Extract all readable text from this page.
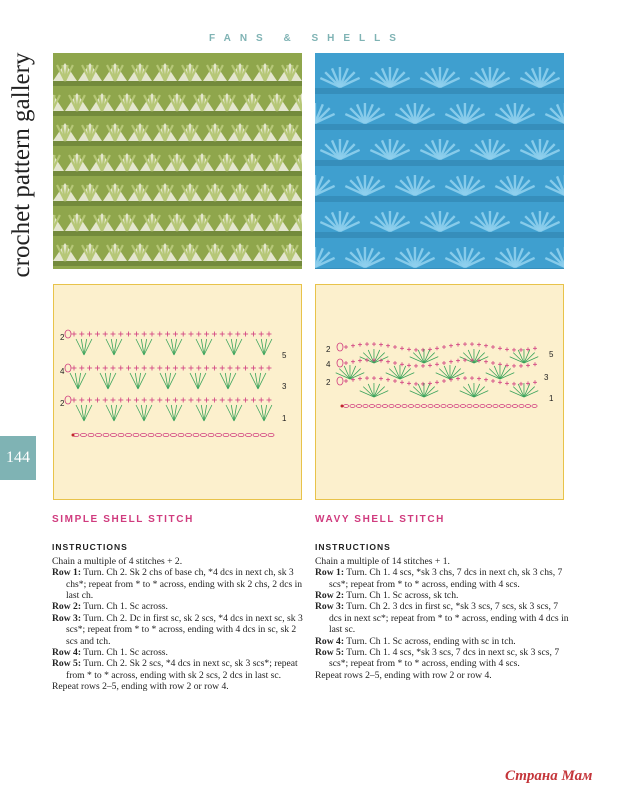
crochet pattern gallery
144
FANS & SHELLS
2
4
2
5
3
1
2
4
2
5
3
1
SIMPLE SHELL STITCH
INSTRUCTIONS

Chain a multiple of 4 stitches + 2.

Row 1: Turn. Ch 2. Sk 2 chs of base ch, *4 dcs in next ch, sk 3 chs*; repeat from * to * across, ending with sk 2 chs, 2 dcs in last ch.

Row 2: Turn. Ch 1. Sc across.

Row 3: Turn. Ch 2. Dc in first sc, sk 2 scs, *4 dcs in next sc, sk 3 scs*; repeat from * to * across, ending with 4 dcs in sc, sk 2 scs and tch.

Row 4: Turn. Ch 1. Sc across.

Row 5: Turn. Ch 2. Sk 2 scs, *4 dcs in next sc, sk 3 scs*; repeat from * to * across, ending with sk 2 scs, 2 dcs in last sc.

Repeat rows 2–5, ending with row 2 or row 4.

WAVY SHELL STITCH
INSTRUCTIONS

Chain a multiple of 14 stitches + 1.

Row 1: Turn. Ch 1. 4 scs, *sk 3 chs, 7 dcs in next ch, sk 3 chs, 7 scs*; repeat from * to * across, ending with 4 scs.

Row 2: Turn. Ch 1. Sc across, sk tch.

Row 3: Turn. Ch 2. 3 dcs in first sc, *sk 3 scs, 7 scs, sk 3 scs, 7 dcs in next sc*; repeat from * to * across, ending with 4 dcs in last sc.

Row 4: Turn. Ch 1. Sc across, ending with sc in tch.

Row 5: Turn. Ch 1. 4 scs, *sk 3 scs, 7 dcs in next sc, sk 3 scs, 7 scs*; repeat from * to * across, ending with 4 scs.

Repeat rows 2–5, ending with row 2 or row 4.

Страна Мам
